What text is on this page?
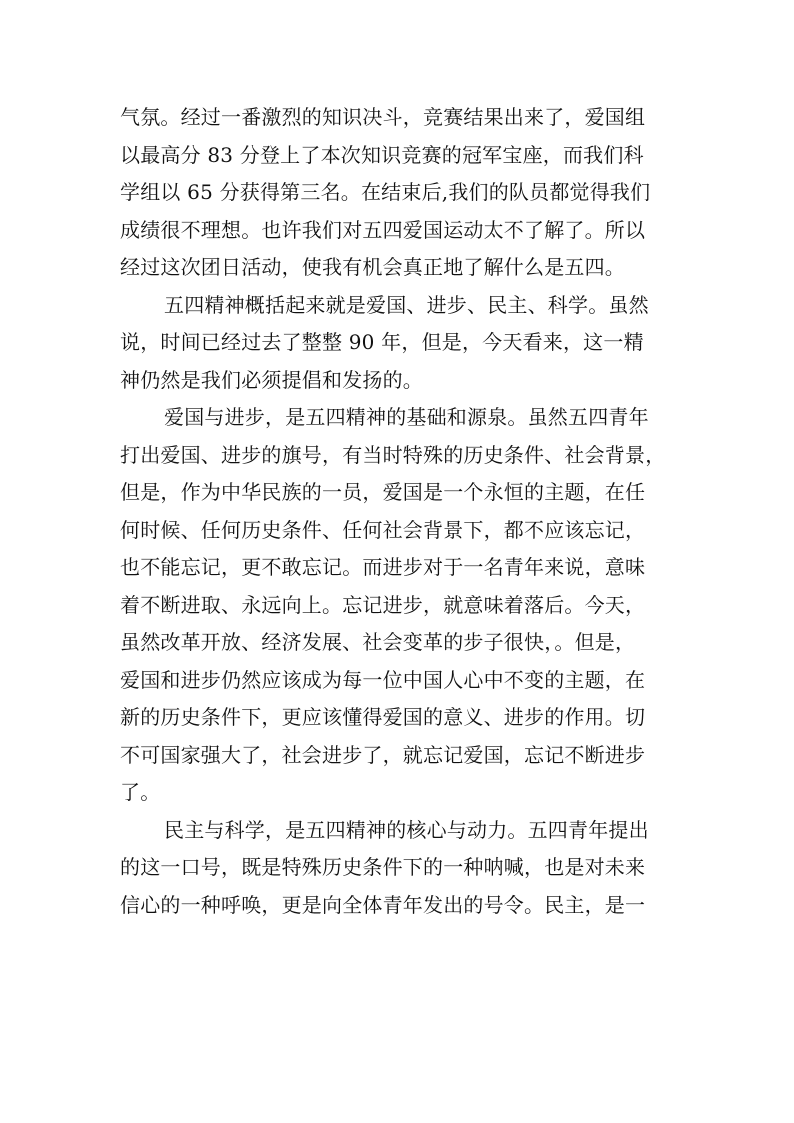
气氛。经过一番激烈的知识决斗，竞赛结果出来了，爱国组
以最高分 83 分登上了本次知识竞赛的冠军宝座，而我们科
学组以 65 分获得第三名。在结束后,我们的队员都觉得我们
成绩很不理想。也许我们对五四爱国运动太不了解了。所以
经过这次团日活动，使我有机会真正地了解什么是五四。
五四精神概括起来就是爱国、进步、民主、科学。虽然
说，时间已经过去了整整 90 年，但是，今天看来，这一精
神仍然是我们必须提倡和发扬的。
爱国与进步，是五四精神的基础和源泉。虽然五四青年
打出爱国、进步的旗号，有当时特殊的历史条件、社会背景，
但是，作为中华民族的一员，爱国是一个永恒的主题，在任
何时候、任何历史条件、任何社会背景下，都不应该忘记，
也不能忘记，更不敢忘记。而进步对于一名青年来说，意味
着不断进取、永远向上。忘记进步，就意味着落后。今天，
虽然改革开放、经济发展、社会变革的步子很快，。但是，
爱国和进步仍然应该成为每一位中国人心中不变的主题，在
新的历史条件下，更应该懂得爱国的意义、进步的作用。切
不可国家强大了，社会进步了，就忘记爱国，忘记不断进步
了。
民主与科学，是五四精神的核心与动力。五四青年提出
的这一口号，既是特殊历史条件下的一种呐喊，也是对未来
信心的一种呼唤，更是向全体青年发出的号令。民主，是一
